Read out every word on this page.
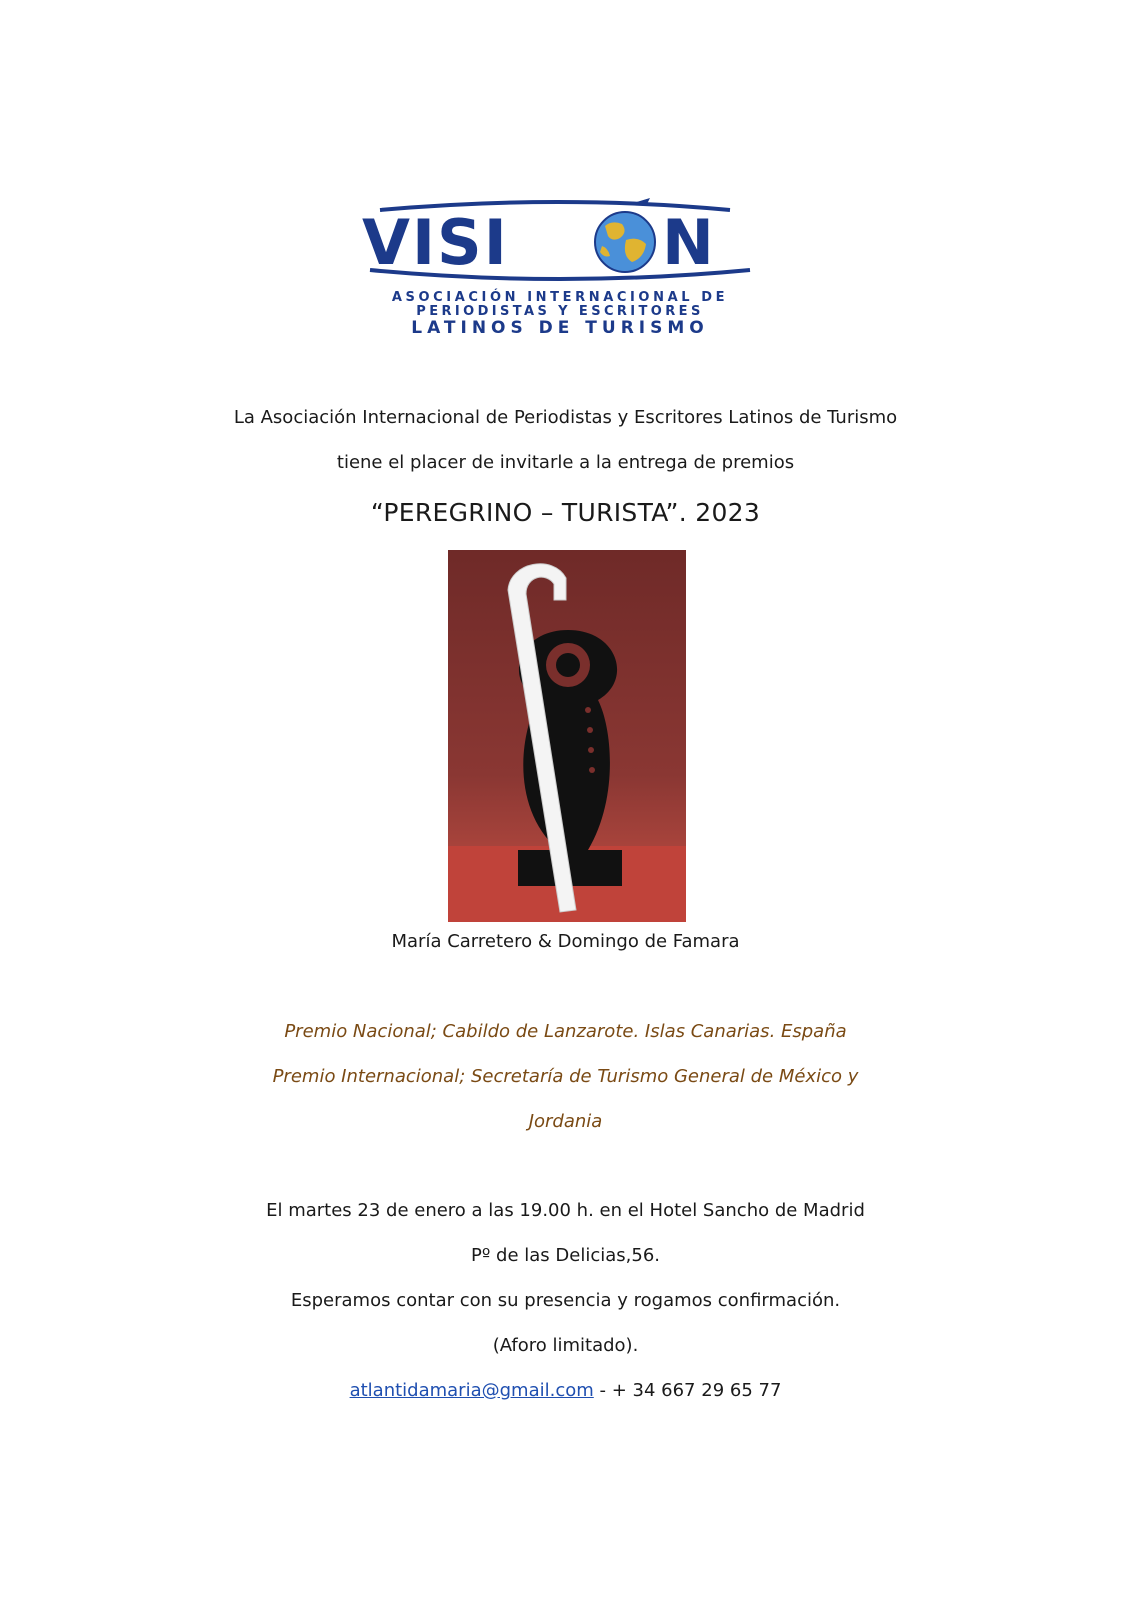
VISI N
ASOCIACIÓN INTERNACIONAL DE
PERIODISTAS Y ESCRITORES
LATINOS DE TURISMO
La Asociación Internacional de Periodistas y Escritores Latinos de Turismo
tiene el placer de invitarle a la entrega de premios
“PEREGRINO – TURISTA”. 2023
María Carretero & Domingo de Famara
Premio Nacional; Cabildo de Lanzarote. Islas Canarias. España
Premio Internacional; Secretaría de Turismo General de México y
Jordania
El martes 23 de enero a las 19.00 h. en el Hotel Sancho de Madrid
Pº de las Delicias,56.
Esperamos contar con su presencia y rogamos confirmación.
(Aforo limitado).
atlantidamaria@gmail.com - + 34 667 29 65 77
